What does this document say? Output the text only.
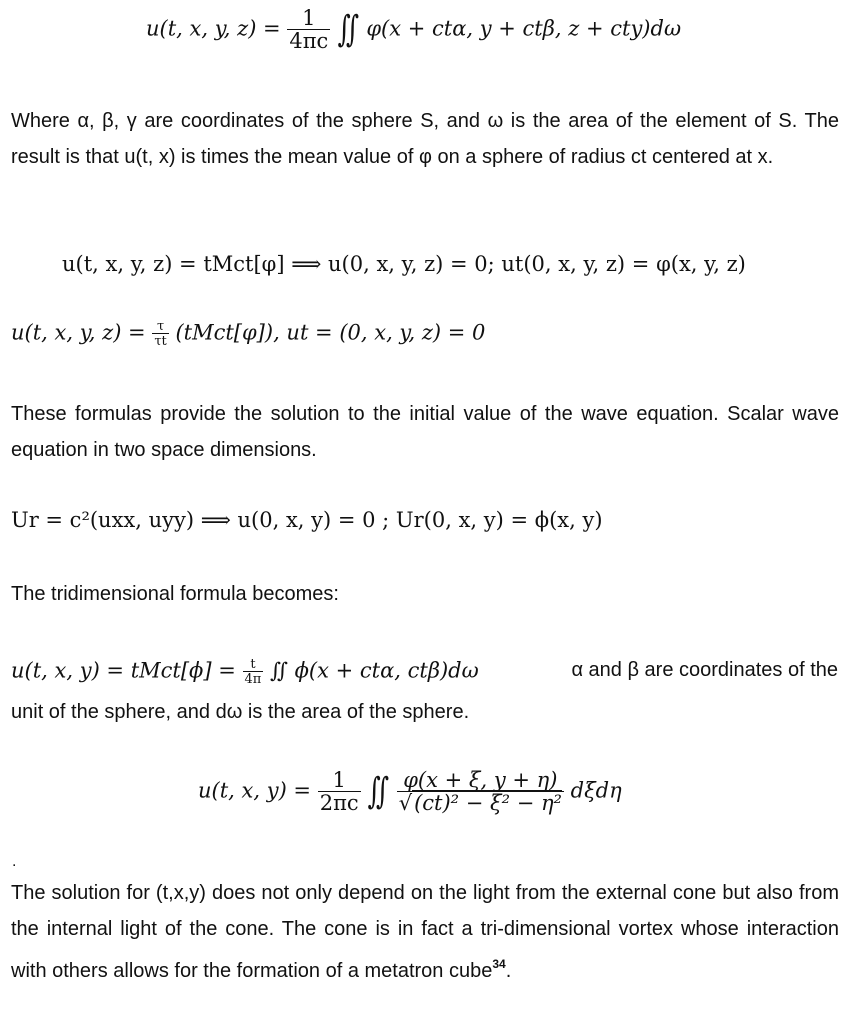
u(t, x, y, $z) = \frac{1}{4\pi c}$ ∬ φ(x + ctα, y + ctβ, z + cty)dω
Where α, β, γ are coordinates of the sphere S, and ω is the area of the element of S. The result is that u(t, x) is times the mean value of φ on a sphere of radius ct centered at x.
u(t, x, y, z) = tMct[φ] ⟹ u(0, x, y, z) = 0; ut(0, x, y, z) = φ(x, y, z)
u(t, x, y, $z) = \frac{\tau}{\tau t}$ (tMct[φ]), ut = (0, x, y, z) = 0
These formulas provide the solution to the initial value of the wave equation. Scalar wave equation in two space dimensions.
Ur = c²(uxx, uyy) ⟹ u(0, x, y) = 0 ; Ur(0, x, y) = ϕ(x, y)
The tridimensional formula becomes:
u(t, x, y) = tMct[ϕ] = $\frac{t}{4\pi}$ ∬ ϕ(x + ctα, ctβ)dω	α and β are coordinates of the
unit of the sphere, and dω is the area of the sphere.
u(t, x, $y) = \frac{1}{2\pi c}$ ∬ $\frac{\varphi(x + \xi, y + \eta)}{\text{√(ct)² − ξ² − η²}}$ dξdη
.
The solution for (t,x,y) does not only depend on the light from the external cone but also from the internal light of the cone. The cone is in fact a tri-dimensional vortex whose interaction with others allows for the formation of a metatron cube$^{34}$.
